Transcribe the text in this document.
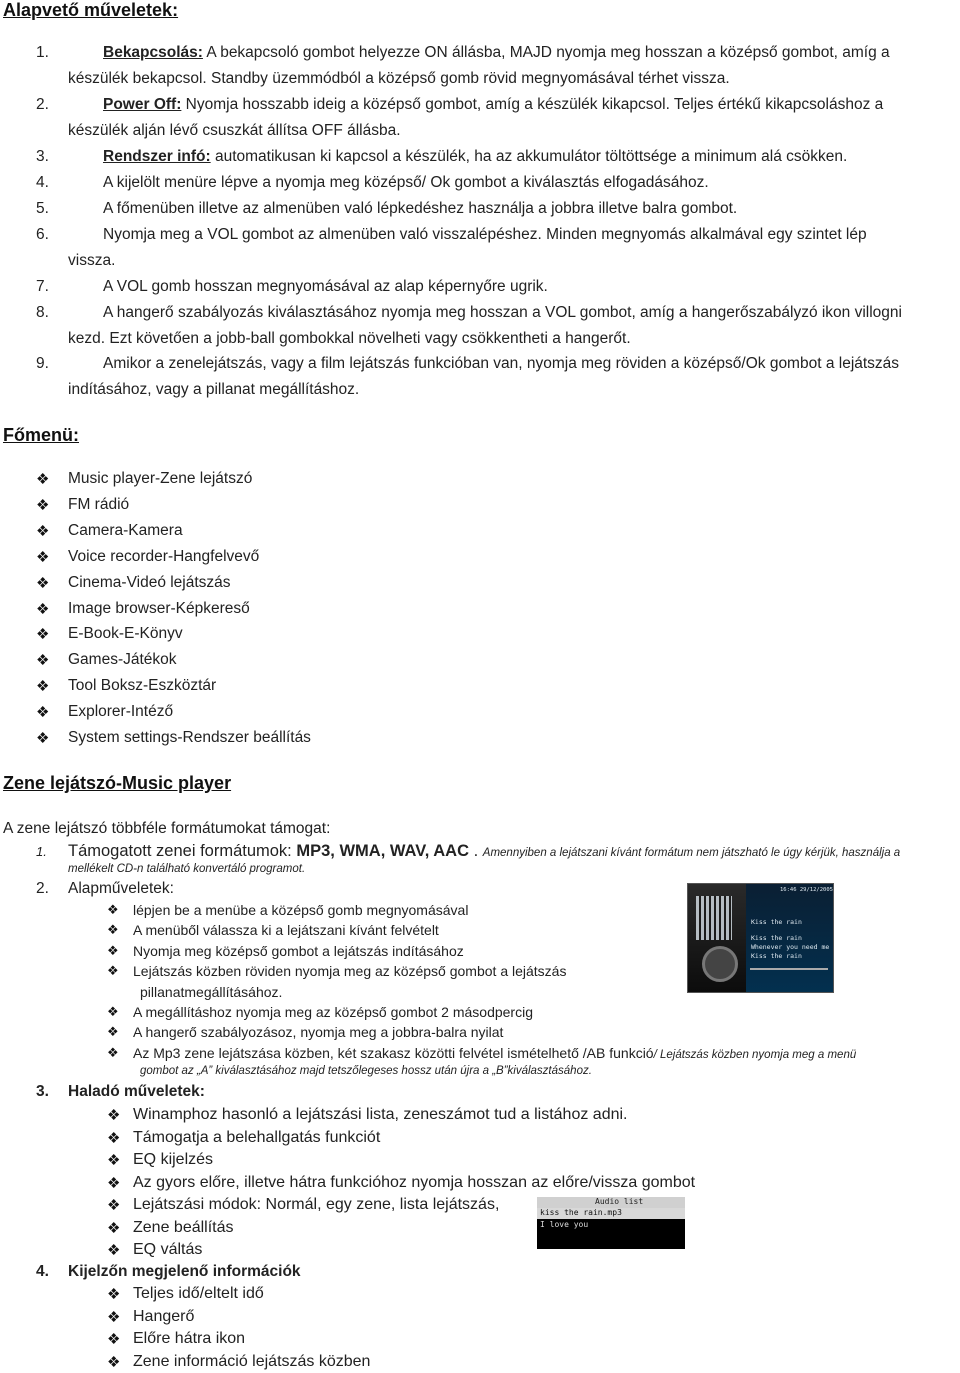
Alapvető műveletek:
1.	Bekapcsolás: A bekapcsoló gombot helyezze ON állásba, MAJD nyomja meg hosszan a középső gombot, amíg a
készülék bekapcsol. Standby üzemmódból a középső gomb rövid megnyomásával térhet vissza.
2.	Power Off: Nyomja hosszabb ideig a középső gombot, amíg a készülék kikapcsol. Teljes értékű kikapcsoláshoz a
készülék alján lévő csuszkát állítsa OFF állásba.
3.	Rendszer infó: automatikusan ki kapcsol a készülék, ha az akkumulátor töltöttsége a minimum alá csökken.
4.	A kijelölt menüre lépve a nyomja meg középső/ Ok gombot a kiválasztás elfogadásához.
5.	A főmenüben illetve az almenüben való lépkedéshez használja a jobbra illetve balra gombot.
6.	Nyomja meg a VOL gombot az almenüben való visszalépéshez. Minden megnyomás alkalmával egy szintet lép
vissza.
7.	A VOL gomb hosszan megnyomásával az alap képernyőre ugrik.
8.	A hangerő szabályozás kiválasztásához nyomja meg hosszan a VOL gombot, amíg a hangerőszabályzó ikon villogni
kezd. Ezt követően a jobb-ball gombokkal növelheti vagy csökkentheti a hangerőt.
9.	Amikor a zenelejátszás, vagy a film lejátszás funkcióban van, nyomja meg röviden a középső/Ok gombot a lejátszás
indításához, vagy a pillanat megállításhoz.
Főmenü:
❖ Music player-Zene lejátszó
❖ FM rádió
❖ Camera-Kamera
❖ Voice recorder-Hangfelvevő
❖ Cinema-Videó lejátszás
❖ Image browser-Képkereső
❖ E-Book-E-Könyv
❖ Games-Játékok
❖ Tool Boksz-Eszköztár
❖ Explorer-Intéző
❖ System settings-Rendszer beállítás
Zene lejátszó-Music player
A zene lejátszó többféle formátumokat támogat:
1. Támogatott zenei formátumok: MP3, WMA, WAV, AAC . Amennyiben a lejátszani kívánt formátum nem játszható le úgy kérjük, használja a
mellékelt CD-n található konvertáló programot.
2. Alapműveletek:
❖ lépjen be a menübe a középső gomb megnyomásával
❖ A menüből válassza ki a lejátszani kívánt felvételt
❖ Nyomja meg középső gombot a lejátszás indításához
❖ Lejátszás közben röviden nyomja meg az középső gombot a lejátszás
pillanatmegállításához.
❖ A megállításhoz nyomja meg az középső gombot 2 másodpercig
❖ A hangerő szabályozásoz, nyomja meg a jobbra-balra nyilat
❖ Az Mp3 zene lejátszása közben, két szakasz közötti felvétel ismételhető /AB funkció/ Lejátszás közben nyomja meg a menü
gombot az „A” kiválasztásához majd tetszőlegeses hossz után újra a „B”kiválasztásához.
3. Haladó műveletek:
❖ Winamphoz hasonló a lejátszási lista, zeneszámot tud a listához adni.
❖ Támogatja a belehallgatás funkciót
❖ EQ kijelzés
❖ Az gyors előre, illetve hátra funkcióhoz nyomja hosszan az előre/vissza gombot
❖ Lejátszási módok: Normál, egy zene, lista lejátszás,
❖ Zene beállítás
❖ EQ váltás
4. Kijelzőn megjelenő információk
❖ Teljes idő/eltelt idő
❖ Hangerő
❖ Előre hátra ikon
❖ Zene információ lejátszás közben
16:46 29/12/2005
Kiss the rain
Kiss the rain
Whenever you need me
Kiss the rain
Audio list
kiss the rain.mp3
I love you
